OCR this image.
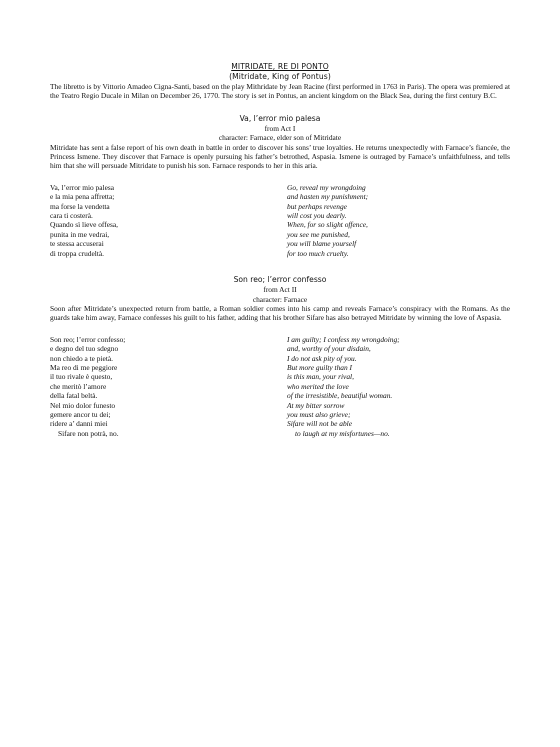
MITRIDATE, RE DI PONTO
(Mitridate, King of Pontus)

The libretto is by Vittorio Amadeo Cigna-Santi, based on the play Mithridate by Jean Racine (first performed in 1763 in Paris). The opera was premiered at the Teatro Regio Ducale in Milan on December 26, 1770. The story is set in Pontus, an ancient kingdom on the Black Sea, during the first century B.C.

Va, l’error mio palesa
from Act I
character: Farnace, elder son of Mitridate

Mitridate has sent a false report of his own death in battle in order to discover his sons’ true loyalties. He returns unexpectedly with Farnace’s fiancée, the Princess Ismene. They discover that Farnace is openly pursuing his father’s betrothed, Aspasia. Ismene is outraged by Farnace’s unfaithfulness, and tells him that she will persuade Mitridate to punish his son. Farnace responds to her in this aria.

Va, l’error mio palesa
e la mia pena affretta;
ma forse la vendetta
cara ti costerà.
Quando sì lieve offesa,
punita in me vedrai,
te stessa accuserai
di troppa crudeltà.
Go, reveal my wrongdoing
and hasten my punishment;
but perhaps revenge
will cost you dearly.
When, for so slight offence,
you see me punished,
you will blame yourself
for too much cruelty.
Son reo; l’error confesso
from Act II
character: Farnace

Soon after Mitridate’s unexpected return from battle, a Roman soldier comes into his camp and reveals Farnace’s conspiracy with the Romans. As the guards take him away, Farnace confesses his guilt to his father, adding that his brother Sifare has also betrayed Mitridate by winning the love of Aspasia.

Son reo; l’error confesso;
e degno del tuo sdegno
non chiedo a te pietà.
Ma reo di me peggiore
il tuo rivale è questo,
che meritò l’amore
della fatal beltà.
Nel mio dolor funesto
gemere ancor tu dei;
ridere a’ danni miei
Sifare non potrà, no.
I am guilty; I confess my wrongdoing;
and, worthy of your disdain,
I do not ask pity of you.
But more guilty than I
is this man, your rival,
who merited the love
of the irresistible, beautiful woman.
At my bitter sorrow
you must also grieve;
Sifare will not be able
to laugh at my misfortunes—no.
